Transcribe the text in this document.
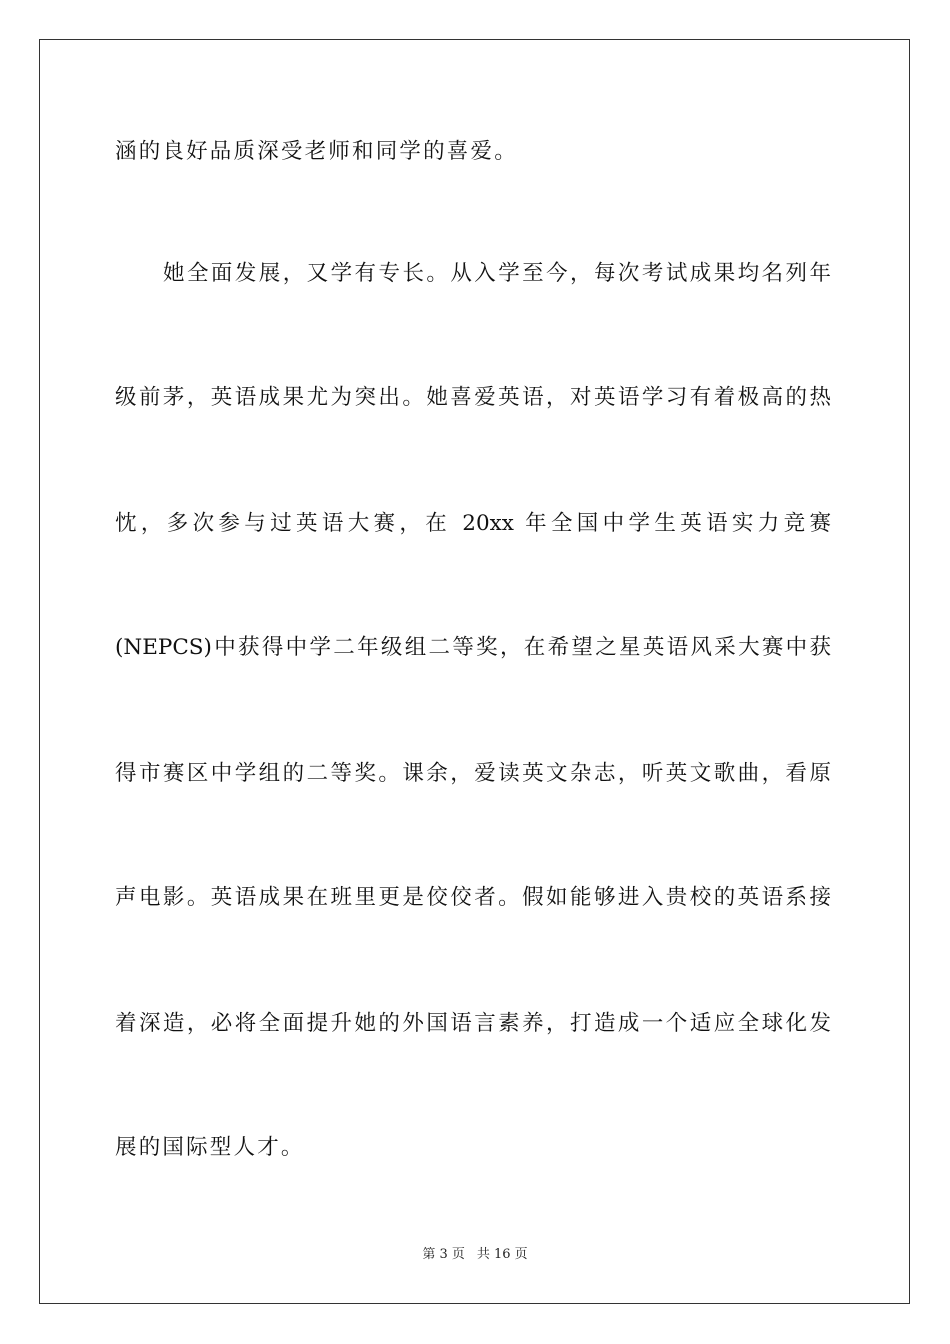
涵的良好品质深受老师和同学的喜爱。
她全面发展，又学有专长。从入学至今，每次考试成果均名列年
级前茅，英语成果尤为突出。她喜爱英语，对英语学习有着极高的热
忱，多次参与过英语大赛，在 20xx 年全国中学生英语实力竞赛
(NEPCS)中获得中学二年级组二等奖，在希望之星英语风采大赛中获
得市赛区中学组的二等奖。课余，爱读英文杂志，听英文歌曲，看原
声电影。英语成果在班里更是佼佼者。假如能够进入贵校的英语系接
着深造，必将全面提升她的外国语言素养，打造成一个适应全球化发
展的国际型人才。
第 3 页 共 16 页
